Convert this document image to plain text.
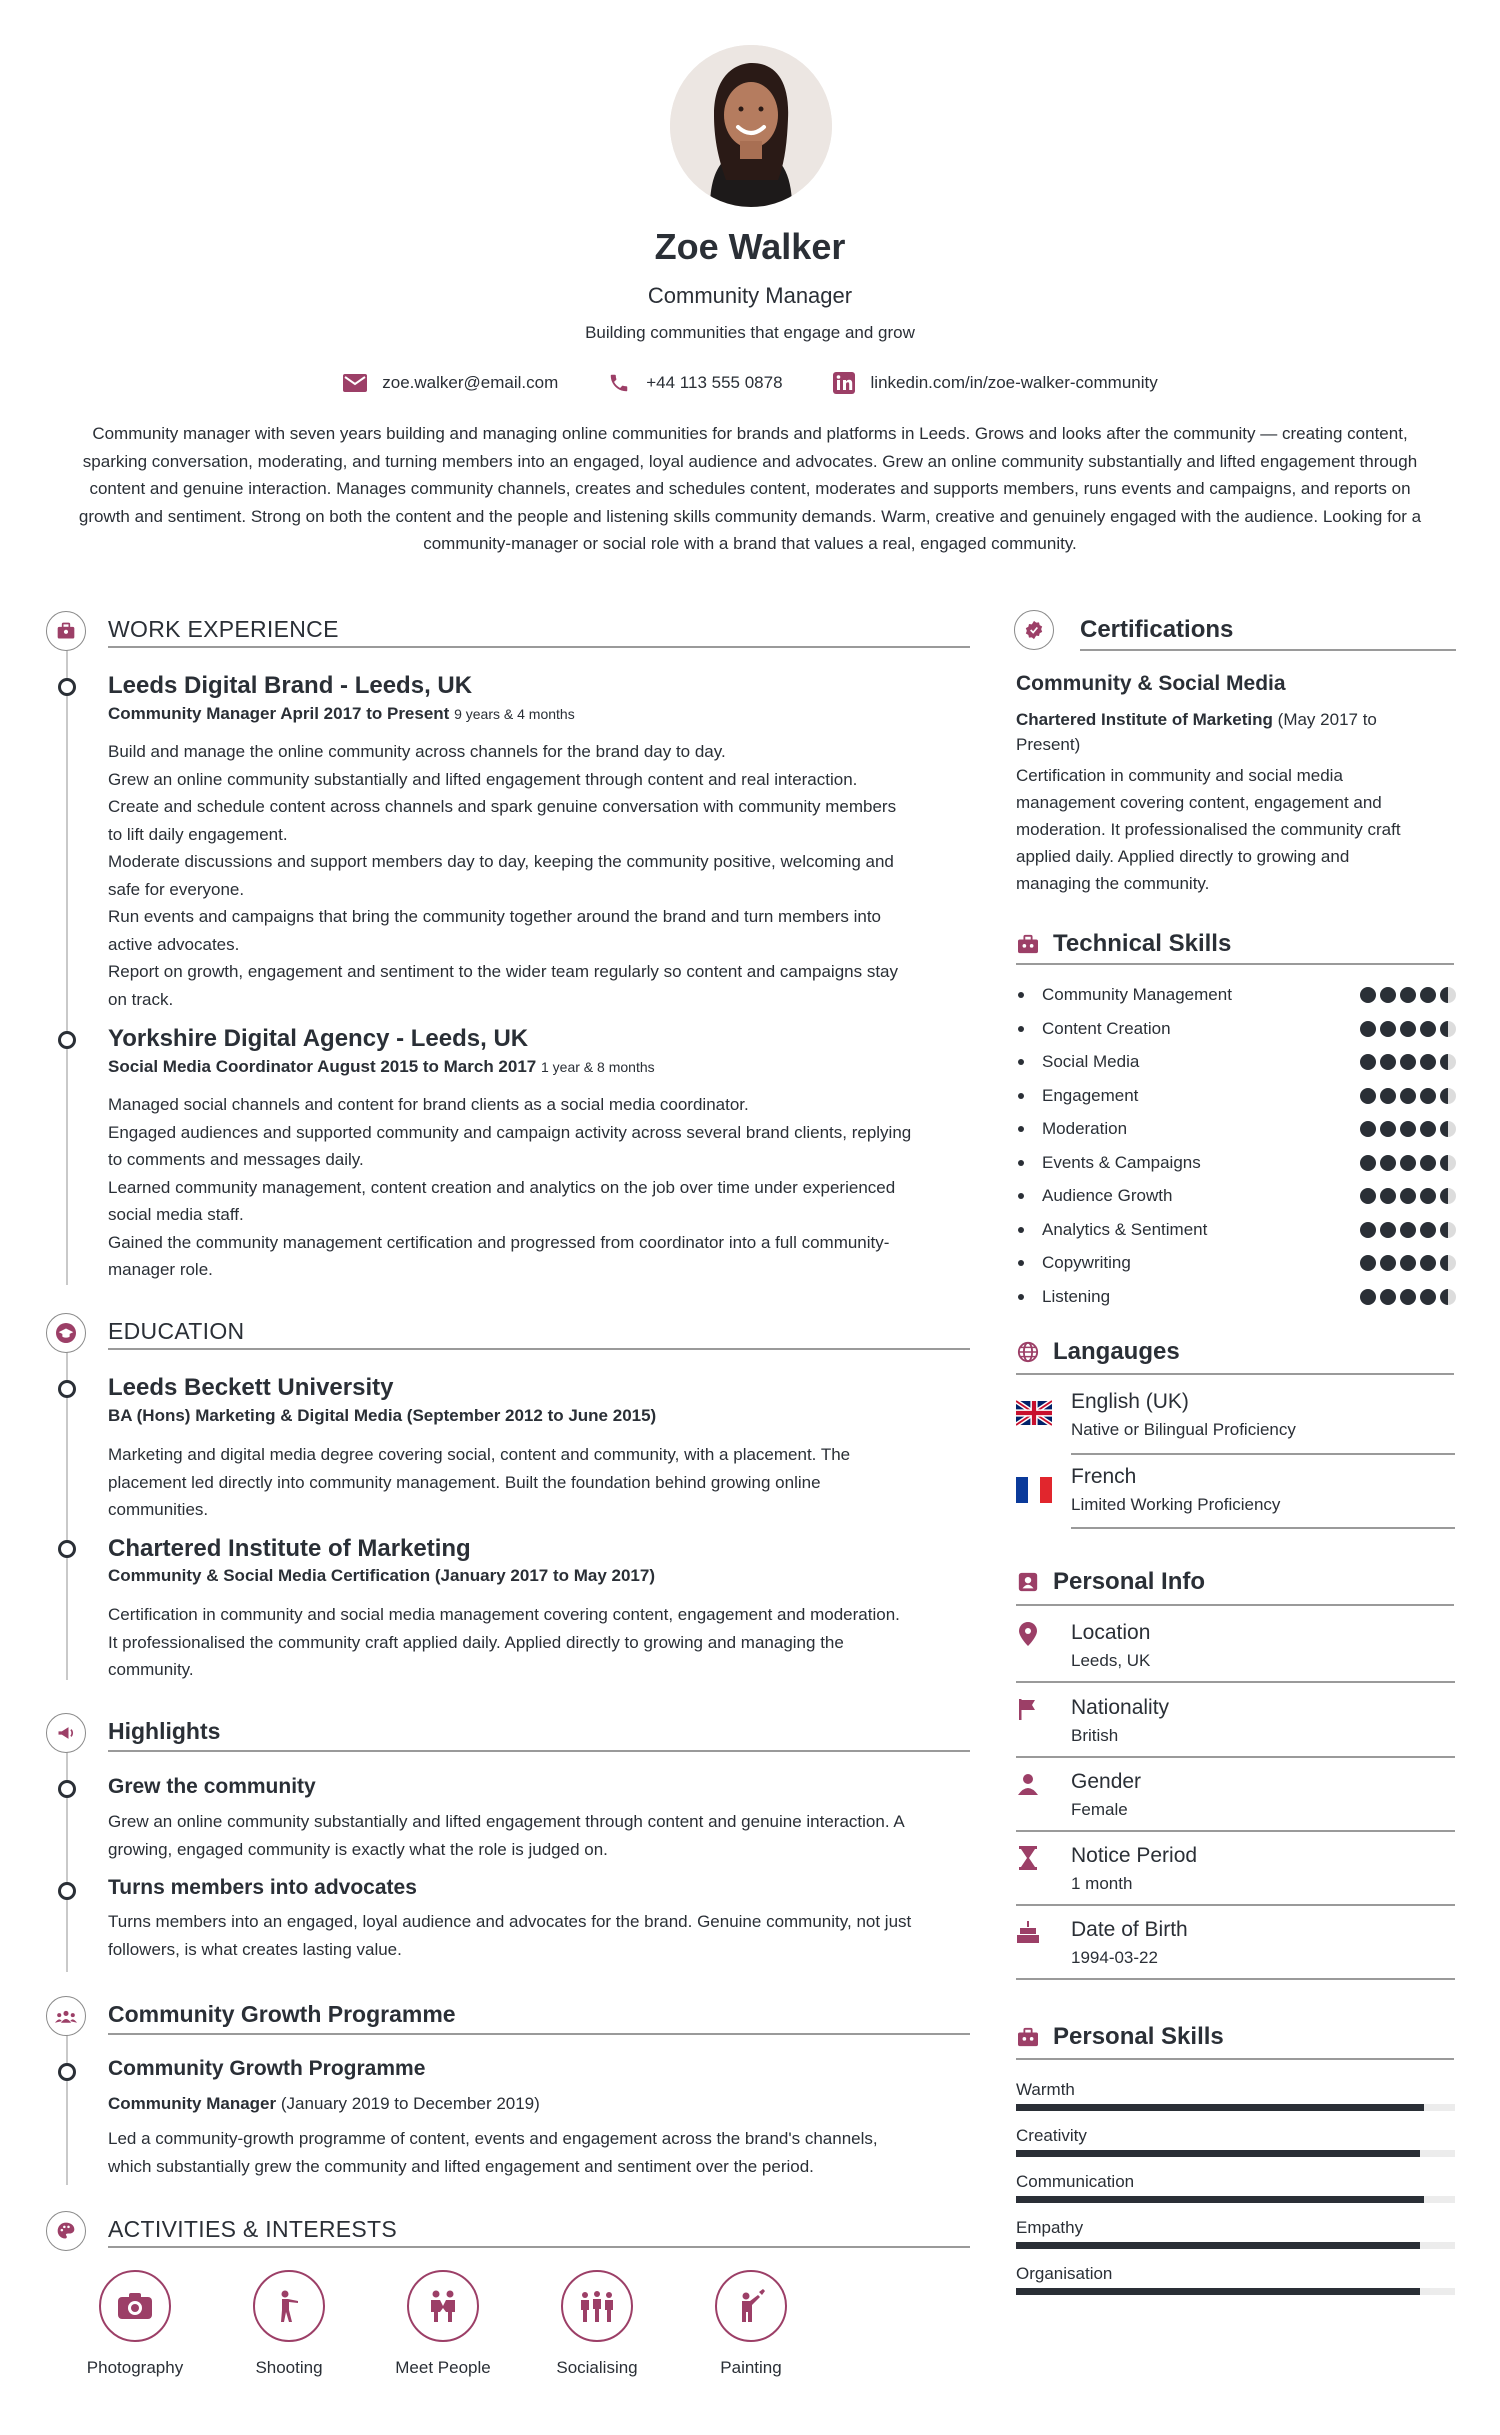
Zoe Walker
Community Manager
Building communities that engage and grow
zoe.walker@email.com	+44 113 555 0878	linkedin.com/in/zoe-walker-community
Community manager with seven years building and managing online communities for brands and platforms in Leeds. Grows and looks after the community — creating content, sparking conversation, moderating, and turning members into an engaged, loyal audience and advocates. Grew an online community substantially and lifted engagement through content and genuine interaction. Manages community channels, creates and schedules content, moderates and supports members, runs events and campaigns, and reports on growth and sentiment. Strong on both the content and the people and listening skills community demands. Warm, creative and genuinely engaged with the audience. Looking for a community-manager or social role with a brand that values a real, engaged community.
WORK EXPERIENCE
Leeds Digital Brand - Leeds, UK
Community Manager April 2017 to Present 9 years & 4 months
Build and manage the online community across channels for the brand day to day.
Grew an online community substantially and lifted engagement through content and real interaction.
Create and schedule content across channels and spark genuine conversation with community members
to lift daily engagement.
Moderate discussions and support members day to day, keeping the community positive, welcoming and
safe for everyone.
Run events and campaigns that bring the community together around the brand and turn members into
active advocates.
Report on growth, engagement and sentiment to the wider team regularly so content and campaigns stay
on track.
Yorkshire Digital Agency - Leeds, UK
Social Media Coordinator August 2015 to March 2017 1 year & 8 months
Managed social channels and content for brand clients as a social media coordinator.
Engaged audiences and supported community and campaign activity across several brand clients, replying
to comments and messages daily.
Learned community management, content creation and analytics on the job over time under experienced
social media staff.
Gained the community management certification and progressed from coordinator into a full community-
manager role.
EDUCATION
Leeds Beckett University
BA (Hons) Marketing & Digital Media (September 2012 to June 2015)
Marketing and digital media degree covering social, content and community, with a placement. The
placement led directly into community management. Built the foundation behind growing online
communities.
Chartered Institute of Marketing
Community & Social Media Certification (January 2017 to May 2017)
Certification in community and social media management covering content, engagement and moderation.
It professionalised the community craft applied daily. Applied directly to growing and managing the
community.
Highlights
Grew the community
Grew an online community substantially and lifted engagement through content and genuine interaction. A
growing, engaged community is exactly what the role is judged on.
Turns members into advocates
Turns members into an engaged, loyal audience and advocates for the brand. Genuine community, not just
followers, is what creates lasting value.
Community Growth Programme
Community Growth Programme
Community Manager (January 2019 to December 2019)
Led a community-growth programme of content, events and engagement across the brand's channels,
which substantially grew the community and lifted engagement and sentiment over the period.
ACTIVITIES & INTERESTS
Photography	Shooting	Meet People	Socialising	Painting
Certifications
Community & Social Media
Chartered Institute of Marketing (May 2017 to
Present)
Certification in community and social media
management covering content, engagement and
moderation. It professionalised the community craft
applied daily. Applied directly to growing and
managing the community.
Technical Skills
Community Management
Content Creation
Social Media
Engagement
Moderation
Events & Campaigns
Audience Growth
Analytics & Sentiment
Copywriting
Listening
Langauges
English (UK)
Native or Bilingual Proficiency
French
Limited Working Proficiency
Personal Info
Location
Leeds, UK
Nationality
British
Gender
Female
Notice Period
1 month
Date of Birth
1994-03-22
Personal Skills
Warmth
Creativity
Communication
Empathy
Organisation
